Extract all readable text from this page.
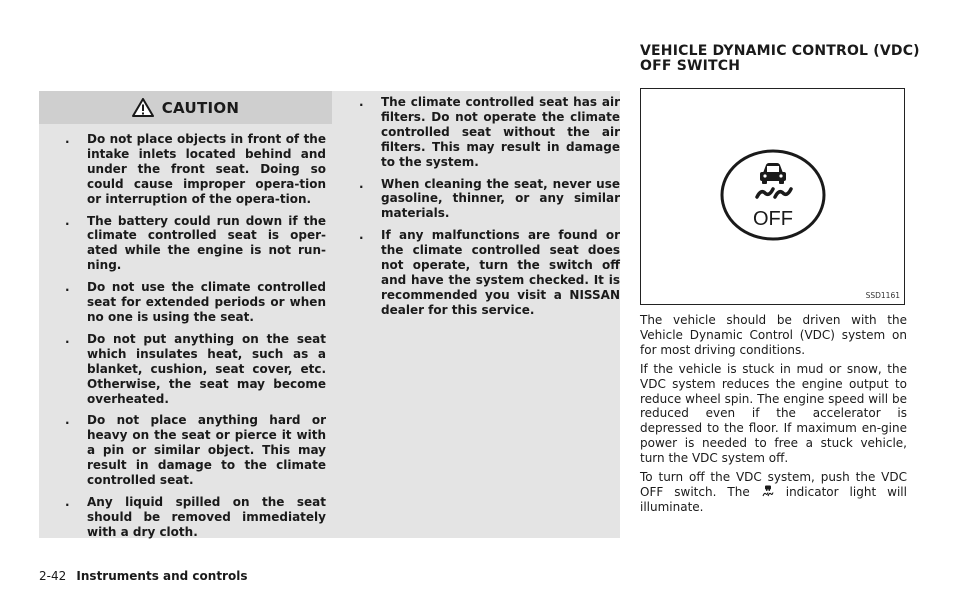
CAUTION
. Do not place objects in front of the intake inlets located behind and under the front seat. Doing so could cause improper opera-tion or interruption of the opera-tion.
. The battery could run down if the climate controlled seat is oper-ated while the engine is not run-ning.
. Do not use the climate controlled seat for extended periods or when no one is using the seat.
. Do not put anything on the seat which insulates heat, such as a blanket, cushion, seat cover, etc. Otherwise, the seat may become overheated.
. Do not place anything hard or heavy on the seat or pierce it with a pin or similar object. This may result in damage to the climate controlled seat.
. Any liquid spilled on the seat should be removed immediately with a dry cloth.
. The climate controlled seat has air filters. Do not operate the climate controlled seat without the air filters. This may result in damage to the system.
. When cleaning the seat, never use gasoline, thinner, or any similar materials.
. If any malfunctions are found or the climate controlled seat does not operate, turn the switch off and have the system checked. It is recommended you visit a NISSAN dealer for this service.
VEHICLE DYNAMIC CONTROL (VDC)
OFF SWITCH
OFF
SSD1161

The vehicle should be driven with the Vehicle Dynamic Control (VDC) system on for most driving conditions.

If the vehicle is stuck in mud or snow, the VDC system reduces the engine output to reduce wheel spin. The engine speed will be reduced even if the accelerator is depressed to the floor. If maximum en-gine power is needed to free a stuck vehicle, turn the VDC system off.

To turn off the VDC system, push the VDC OFF switch. The	indicator light will illuminate.

2-42 Instruments and controls
